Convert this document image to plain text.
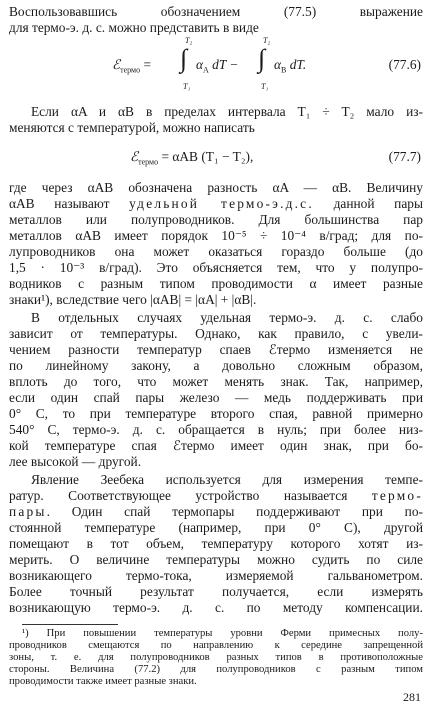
Воспользовавшись обозначением (77.5) выражение
для термо-э. д. с. можно представить в виде
ℰ$_{термо}$ =
T₂
∫
T₁
$\alpha_A$ dT −
T₂
∫
T₁
$\alpha_B$ dT.	(77.6)
Если αA и αB в пределах интервала T₁ ÷ T₂ мало из-
меняются с температурой, можно написать
ℰ$_{термо}$ = αAB (T₁ − T₂),	(77.7)
где через αAB обозначена разность αA — αB. Величину
αAB называют удельной термо-э.д.с. данной пары
металлов или полупроводников. Для большинства пар
металлов αAB имеет порядок 10⁻⁵ ÷ 10⁻⁴ в/град; для по-
лупроводников она может оказаться гораздо больше (до
1,5 · 10⁻³ в/град). Это объясняется тем, что у полупро-
водников с разным типом проводимости α имеет разные
знаки¹), вследствие чего |αAB| = |αA| + |αB|.
В отдельных случаях удельная термо-э. д. с. слабо
зависит от температуры. Однако, как правило, с увели-
чением разности температур спаев ℰтермо изменяется не
по линейному закону, а довольно сложным образом,
вплоть до того, что может менять знак. Так, например,
если один спай пары железо — медь поддерживать при
0° С, то при температуре второго спая, равной примерно
540° С, термо-э. д. с. обращается в нуль; при более низ-
кой температуре спая ℰтермо имеет один знак, при бо-
лее высокой — другой.
Явление Зеебека используется для измерения темпе-
ратур. Соответствующее устройство называется термо-
пары. Один спай термопары поддерживают при по-
стоянной температуре (например, при 0° С), другой
помещают в тот объем, температуру которого хотят из-
мерить. О величине температуры можно судить по силе
возникающего термо-тока, измеряемой гальванометром.
Более точный результат получается, если измерять
возникающую термо-э. д. с. по методу компенсации.
¹) При повышении температуры уровни Ферми примесных полу-
проводников смещаются по направлению к середине запрещенной
зоны, т. е. для полупроводников разных типов в противоположные
стороны. Величина (77.2) для полупроводников с разным типом
проводимости также имеет разные знаки.
281
